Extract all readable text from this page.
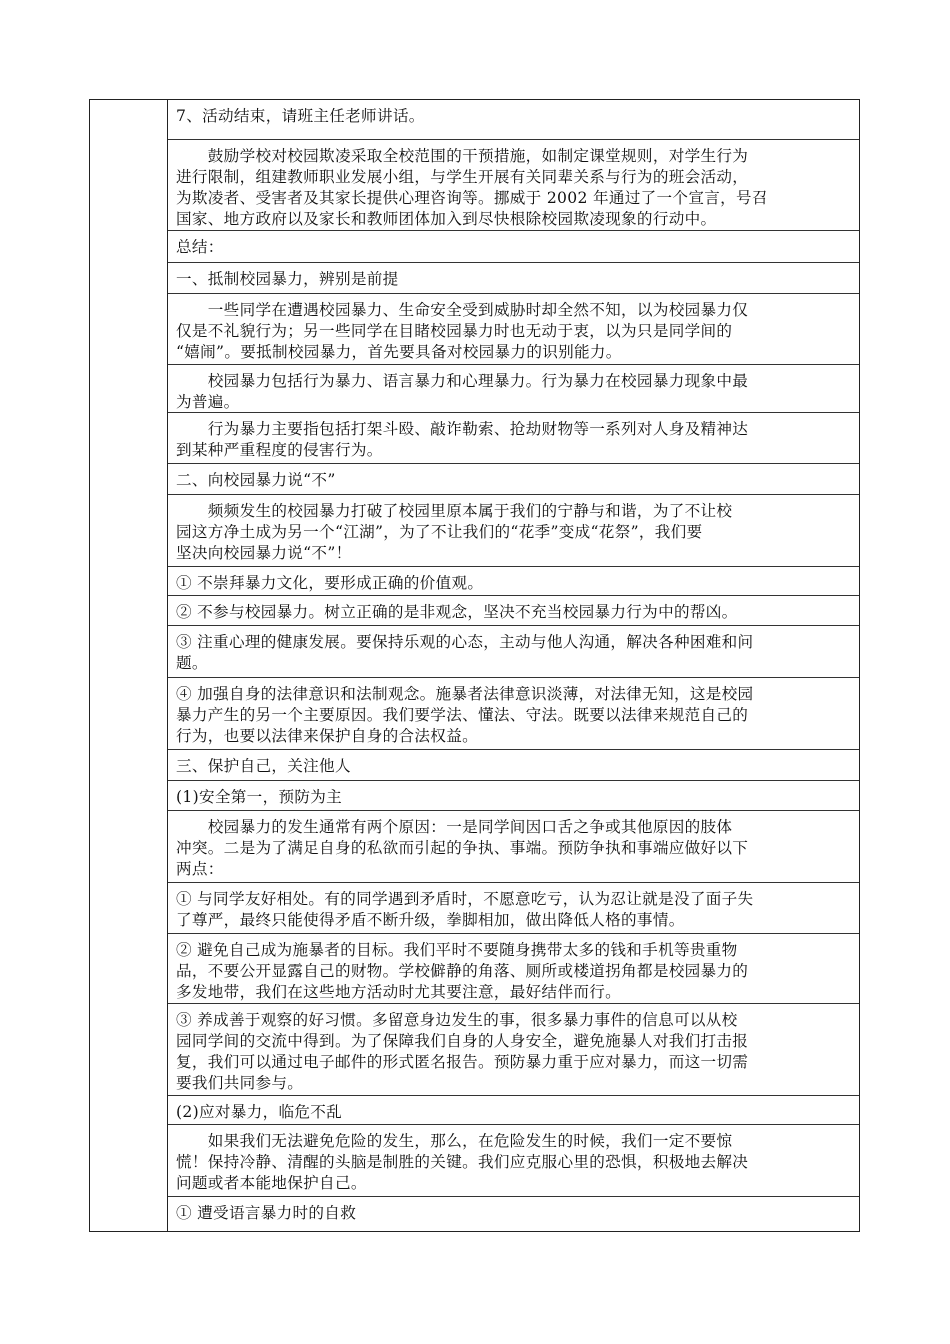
7、活动结束，请班主任老师讲话。
　　鼓励学校对校园欺凌采取全校范围的干预措施，如制定课堂规则，对学生行为
进行限制，组建教师职业发展小组，与学生开展有关同辈关系与行为的班会活动，
为欺凌者、受害者及其家长提供心理咨询等。挪威于 2002 年通过了一个宣言，号召
国家、地方政府以及家长和教师团体加入到尽快根除校园欺凌现象的行动中。
总结：
一、抵制校园暴力，辨别是前提
　　一些同学在遭遇校园暴力、生命安全受到威胁时却全然不知，以为校园暴力仅
仅是不礼貌行为；另一些同学在目睹校园暴力时也无动于衷，以为只是同学间的
“嬉闹”。要抵制校园暴力，首先要具备对校园暴力的识别能力。
　　校园暴力包括行为暴力、语言暴力和心理暴力。行为暴力在校园暴力现象中最
为普遍。
　　行为暴力主要指包括打架斗殴、敲诈勒索、抢劫财物等一系列对人身及精神达
到某种严重程度的侵害行为。
二、向校园暴力说“不”
　　频频发生的校园暴力打破了校园里原本属于我们的宁静与和谐，为了不让校
园这方净土成为另一个“江湖”，为了不让我们的“花季”变成“花祭”，我们要
坚决向校园暴力说“不”！
① 不崇拜暴力文化，要形成正确的价值观。
② 不参与校园暴力。树立正确的是非观念，坚决不充当校园暴力行为中的帮凶。
③ 注重心理的健康发展。要保持乐观的心态，主动与他人沟通，解决各种困难和问
题。
④ 加强自身的法律意识和法制观念。施暴者法律意识淡薄，对法律无知，这是校园
暴力产生的另一个主要原因。我们要学法、懂法、守法。既要以法律来规范自己的
行为，也要以法律来保护自身的合法权益。
三、保护自己，关注他人
(1)安全第一，预防为主
　　校园暴力的发生通常有两个原因：一是同学间因口舌之争或其他原因的肢体
冲突。二是为了满足自身的私欲而引起的争执、事端。预防争执和事端应做好以下
两点：
① 与同学友好相处。有的同学遇到矛盾时，不愿意吃亏，认为忍让就是没了面子失
了尊严，最终只能使得矛盾不断升级，拳脚相加，做出降低人格的事情。
② 避免自己成为施暴者的目标。我们平时不要随身携带太多的钱和手机等贵重物
品，不要公开显露自己的财物。学校僻静的角落、厕所或楼道拐角都是校园暴力的
多发地带，我们在这些地方活动时尤其要注意，最好结伴而行。
③ 养成善于观察的好习惯。多留意身边发生的事，很多暴力事件的信息可以从校
园同学间的交流中得到。为了保障我们自身的人身安全，避免施暴人对我们打击报
复，我们可以通过电子邮件的形式匿名报告。预防暴力重于应对暴力，而这一切需
要我们共同参与。
(2)应对暴力，临危不乱
　　如果我们无法避免危险的发生，那么，在危险发生的时候，我们一定不要惊
慌！保持冷静、清醒的头脑是制胜的关键。我们应克服心里的恐惧，积极地去解决
问题或者本能地保护自己。
① 遭受语言暴力时的自救
